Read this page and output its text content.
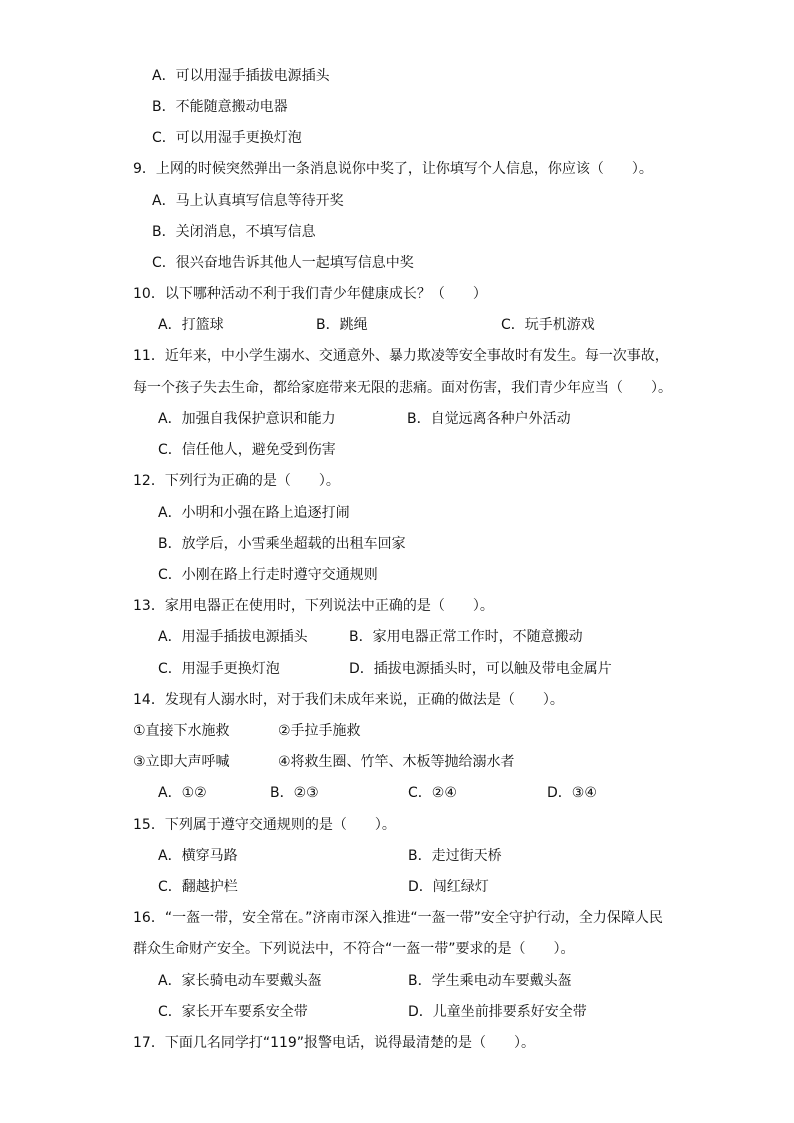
A．可以用湿手插拔电源插头
B．不能随意搬动电器
C．可以用湿手更换灯泡
9．上网的时候突然弹出一条消息说你中奖了，让你填写个人信息，你应该（　　）。
A．马上认真填写信息等待开奖
B．关闭消息，不填写信息
C．很兴奋地告诉其他人一起填写信息中奖
10．以下哪种活动不利于我们青少年健康成长？（　　）
A．打篮球	B．跳绳	C．玩手机游戏
11．近年来，中小学生溺水、交通意外、暴力欺凌等安全事故时有发生。每一次事故，
每一个孩子失去生命，都给家庭带来无限的悲痛。面对伤害，我们青少年应当（　　）。
A．加强自我保护意识和能力	B．自觉远离各种户外活动
C．信任他人，避免受到伤害
12．下列行为正确的是（　　）。
A．小明和小强在路上追逐打闹
B．放学后，小雪乘坐超载的出租车回家
C．小刚在路上行走时遵守交通规则
13．家用电器正在使用时，下列说法中正确的是（　　）。
A．用湿手插拔电源插头	B．家用电器正常工作时，不随意搬动
C．用湿手更换灯泡	D．插拔电源插头时，可以触及带电金属片
14．发现有人溺水时，对于我们未成年来说，正确的做法是（　　）。
①直接下水施救	②手拉手施救
③立即大声呼喊	④将救生圈、竹竿、木板等抛给溺水者
A．①②	B．②③	C．②④	D．③④
15．下列属于遵守交通规则的是（　　）。
A．横穿马路	B．走过街天桥
C．翻越护栏	D．闯红绿灯
16．“一盔一带，安全常在。”济南市深入推进“一盔一带”安全守护行动，全力保障人民
群众生命财产安全。下列说法中，不符合“一盔一带”要求的是（　　）。
A．家长骑电动车要戴头盔	B．学生乘电动车要戴头盔
C．家长开车要系安全带	D．儿童坐前排要系好安全带
17．下面几名同学打“119”报警电话，说得最清楚的是（　　）。
